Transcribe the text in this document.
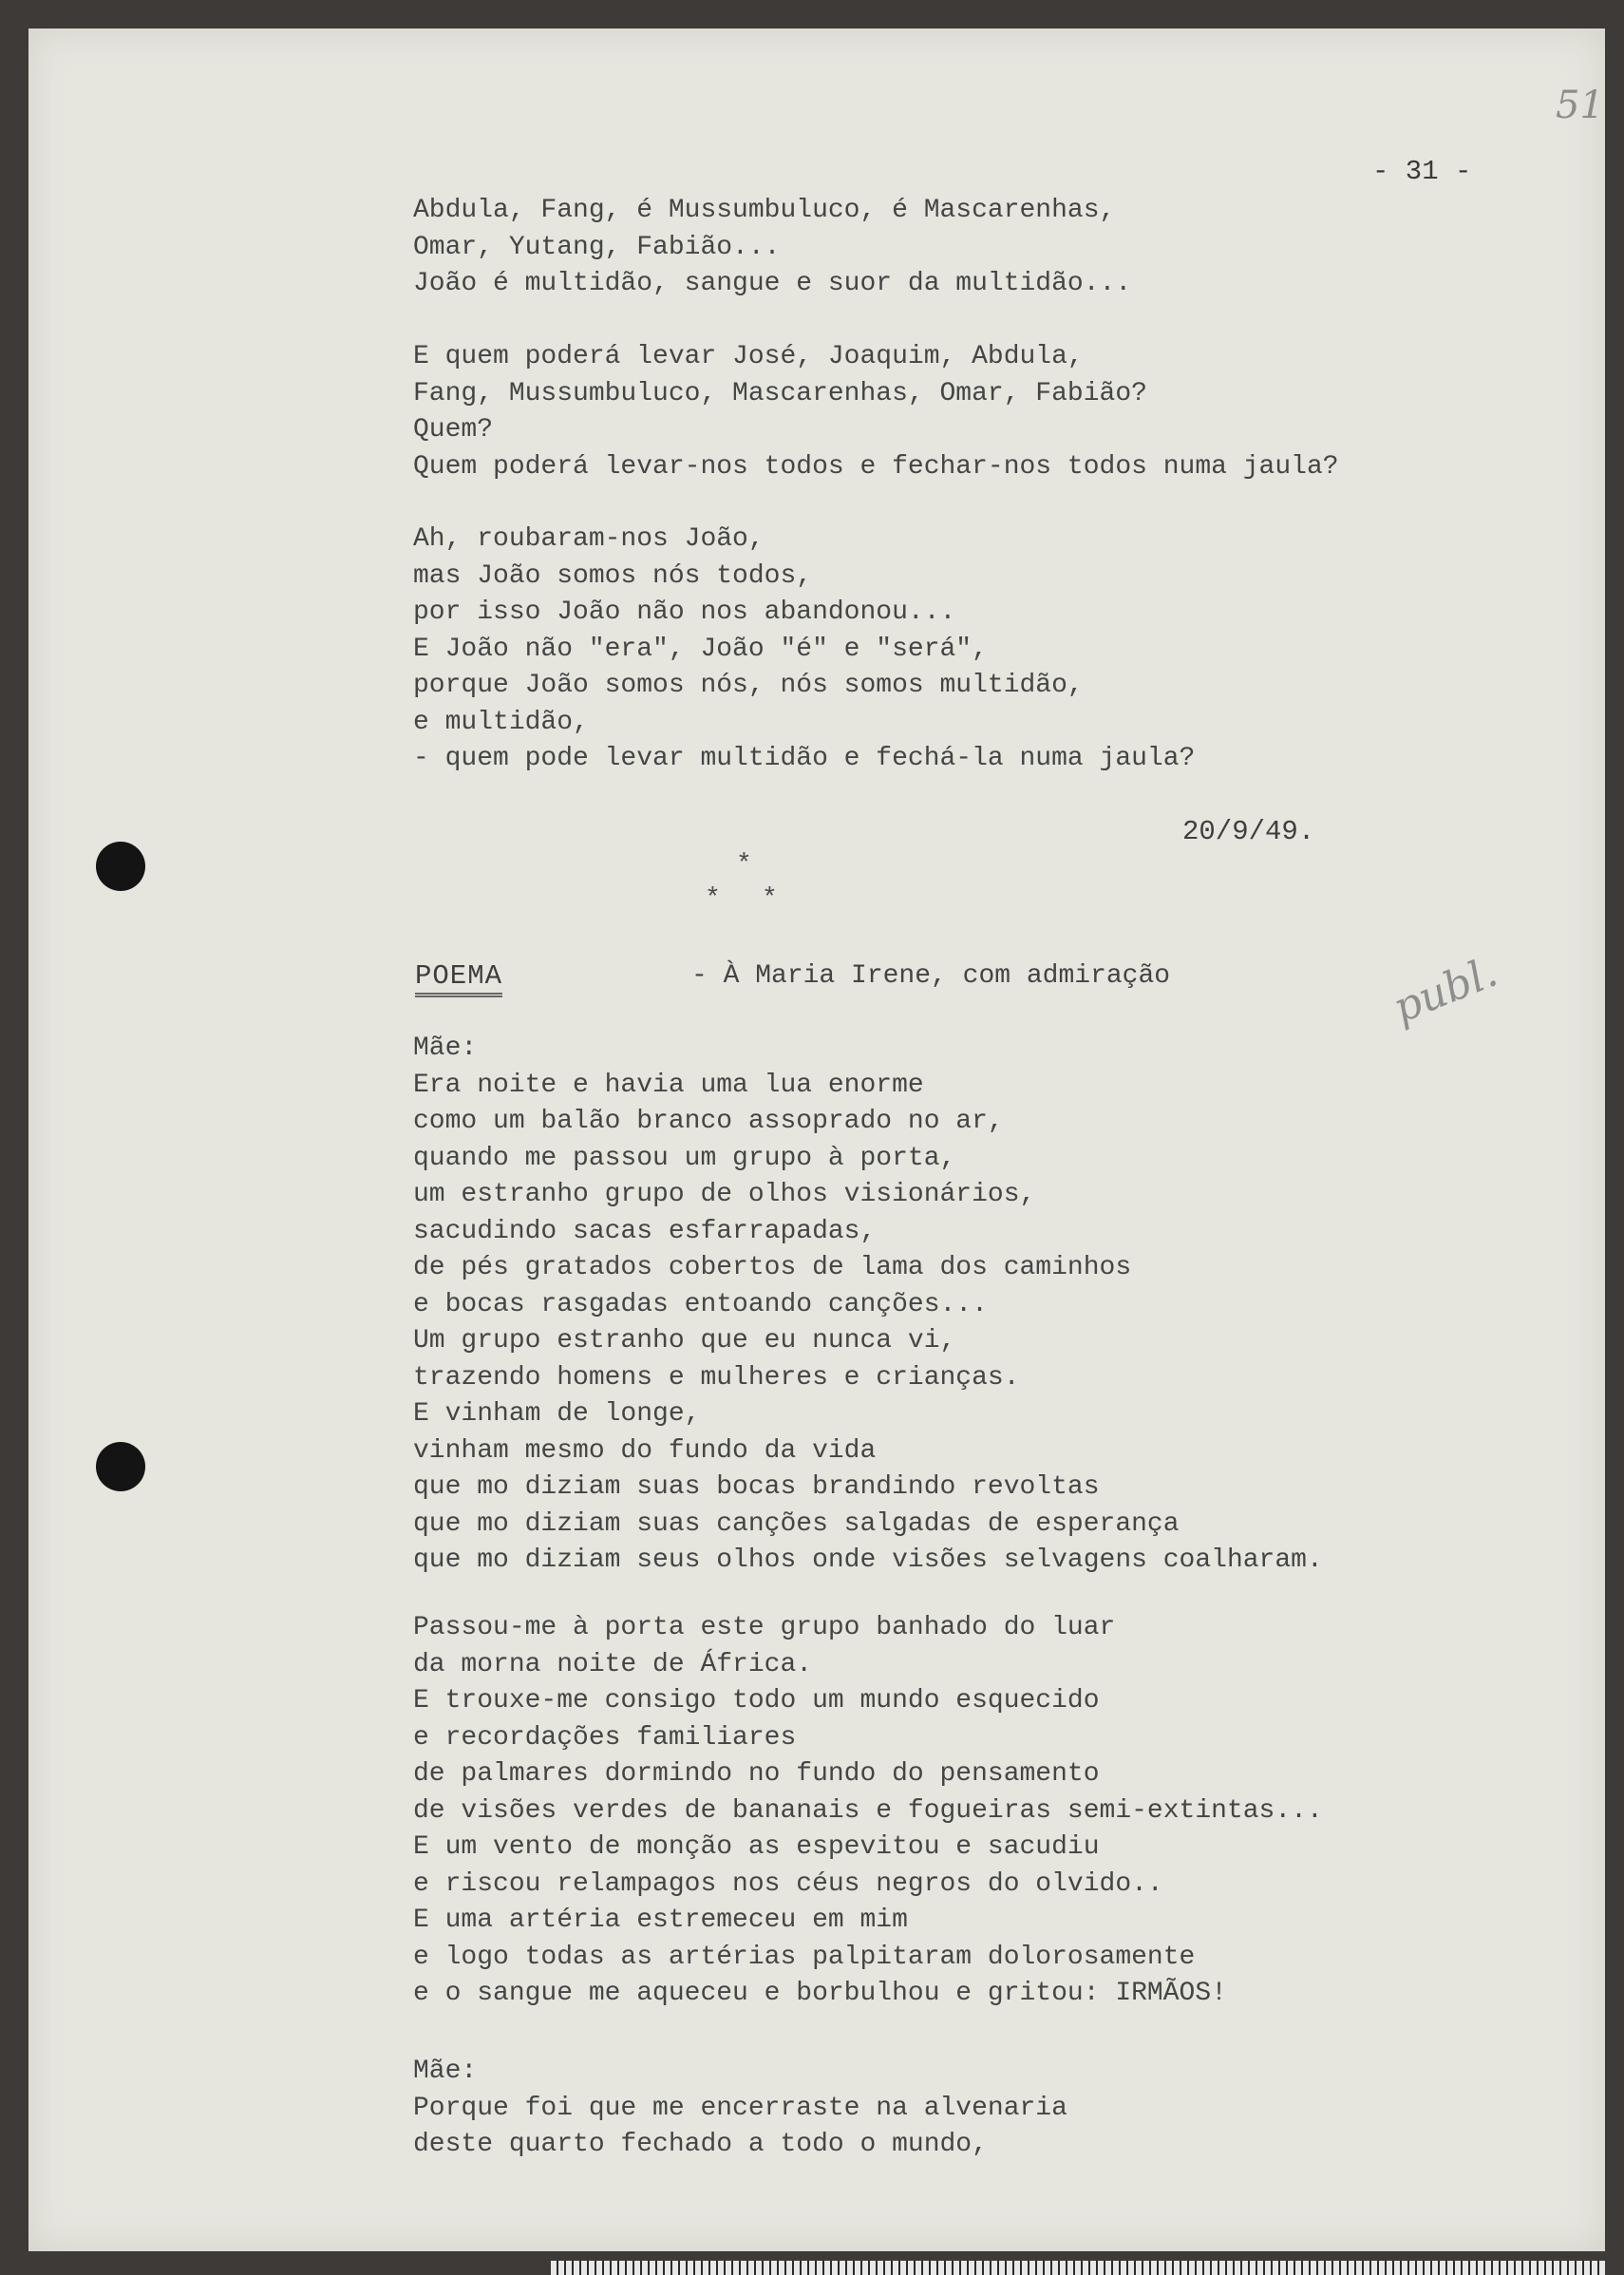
51
publ.
- 31 -
Abdula, Fang, é Mussumbuluco, é Mascarenhas,
Omar, Yutang, Fabião...
João é multidão, sangue e suor da multidão...
E quem poderá levar José, Joaquim, Abdula,
Fang, Mussumbuluco, Mascarenhas, Omar, Fabião?
Quem?
Quem poderá levar-nos todos e fechar-nos todos numa jaula?
Ah, roubaram-nos João,
mas João somos nós todos,
por isso João não nos abandonou...
E João não "era", João "é" e "será",
porque João somos nós, nós somos multidão,
e multidão,
- quem pode levar multidão e fechá-la numa jaula?
20/9/49.
*
* *
POEMA	- À Maria Irene, com admiração
Mãe:
Era noite e havia uma lua enorme
como um balão branco assoprado no ar,
quando me passou um grupo à porta,
um estranho grupo de olhos visionários,
sacudindo sacas esfarrapadas,
de pés gratados cobertos de lama dos caminhos
e bocas rasgadas entoando canções...
Um grupo estranho que eu nunca vi,
trazendo homens e mulheres e crianças.
E vinham de longe,
vinham mesmo do fundo da vida
que mo diziam suas bocas brandindo revoltas
que mo diziam suas canções salgadas de esperança
que mo diziam seus olhos onde visões selvagens coalharam.
Passou-me à porta este grupo banhado do luar
da morna noite de África.
E trouxe-me consigo todo um mundo esquecido
e recordações familiares
de palmares dormindo no fundo do pensamento
de visões verdes de bananais e fogueiras semi-extintas...
E um vento de monção as espevitou e sacudiu
e riscou relampagos nos céus negros do olvido..
E uma artéria estremeceu em mim
e logo todas as artérias palpitaram dolorosamente
e o sangue me aqueceu e borbulhou e gritou: IRMÃOS!
Mãe:
Porque foi que me encerraste na alvenaria
deste quarto fechado a todo o mundo,
